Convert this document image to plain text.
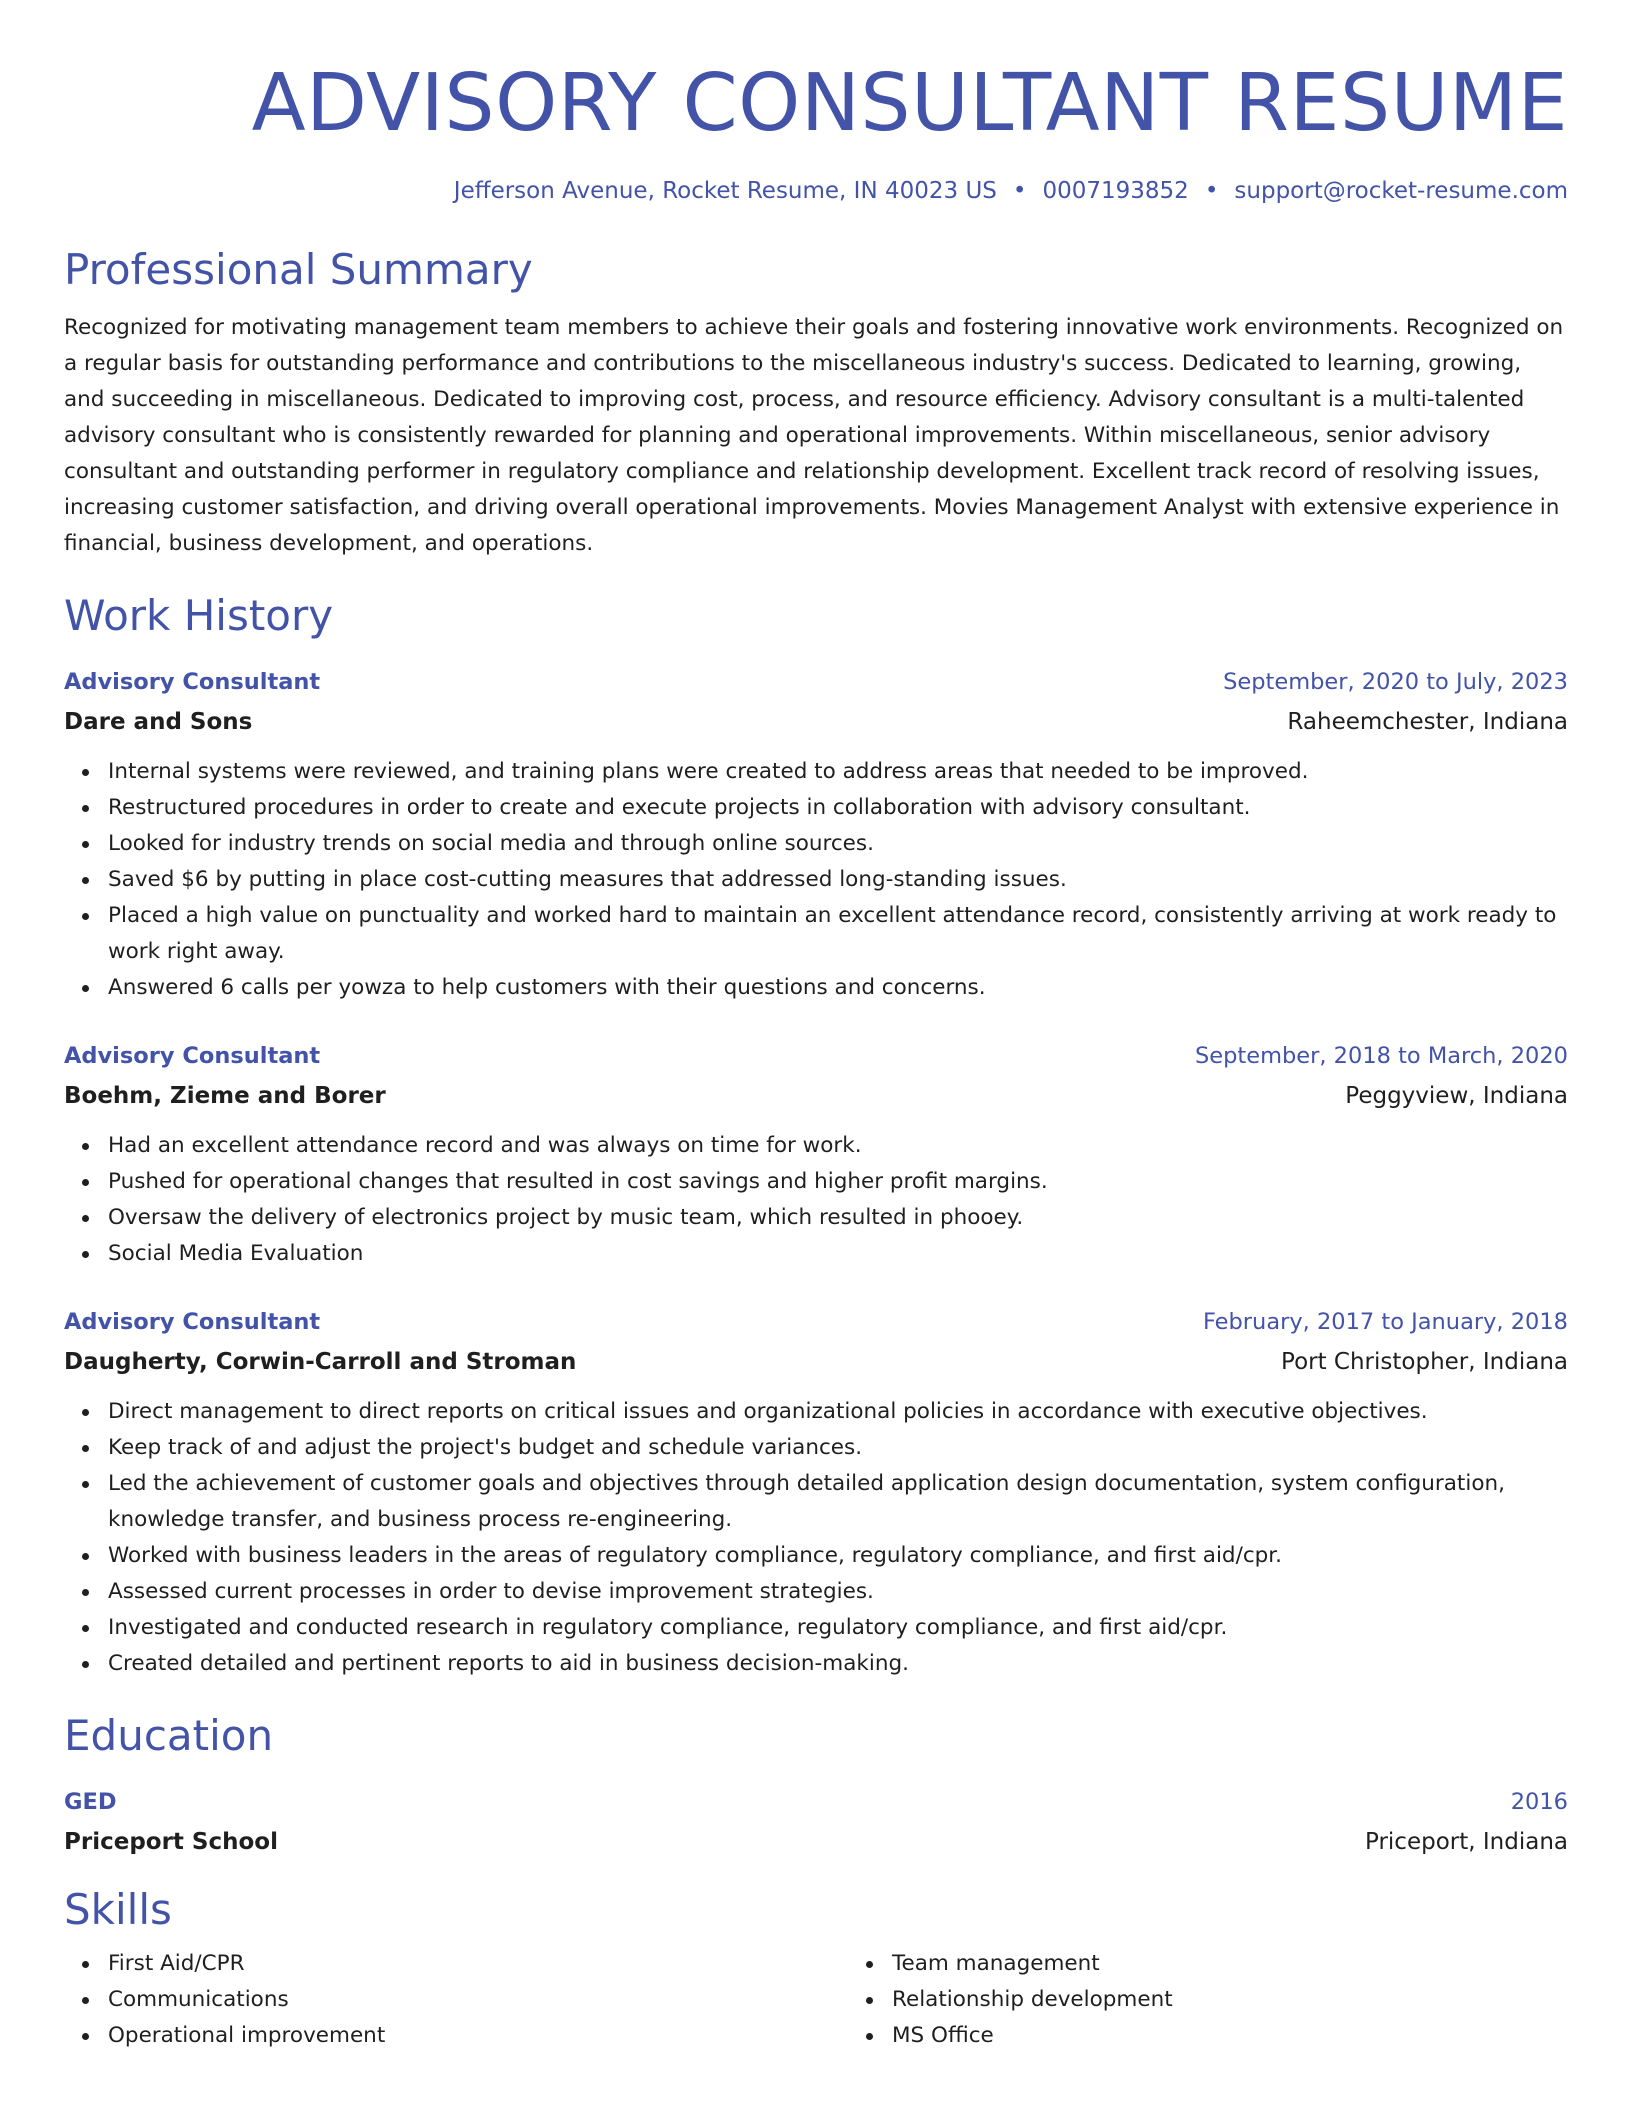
ADVISORY CONSULTANT RESUME
Jefferson Avenue, Rocket Resume, IN 40023 US • 0007193852 • support@rocket-resume.com
Professional Summary

Recognized for motivating management team members to achieve their goals and fostering innovative work environments. Recognized on a regular basis for outstanding performance and contributions to the miscellaneous industry's success. Dedicated to learning, growing, and succeeding in miscellaneous. Dedicated to improving cost, process, and resource efficiency. Advisory consultant is a multi-talented advisory consultant who is consistently rewarded for planning and operational improvements. Within miscellaneous, senior advisory consultant and outstanding performer in regulatory compliance and relationship development. Excellent track record of resolving issues, increasing customer satisfaction, and driving overall operational improvements. Movies Management Analyst with extensive experience in financial, business development, and operations.

Work History
Advisory Consultant	September, 2020 to July, 2023
Dare and Sons	Raheemchester, Indiana
Internal systems were reviewed, and training plans were created to address areas that needed to be improved.
Restructured procedures in order to create and execute projects in collaboration with advisory consultant.
Looked for industry trends on social media and through online sources.
Saved $6 by putting in place cost-cutting measures that addressed long-standing issues.
Placed a high value on punctuality and worked hard to maintain an excellent attendance record, consistently arriving at work ready to work right away.
Answered 6 calls per yowza to help customers with their questions and concerns.
Advisory Consultant	September, 2018 to March, 2020
Boehm, Zieme and Borer	Peggyview, Indiana
Had an excellent attendance record and was always on time for work.
Pushed for operational changes that resulted in cost savings and higher profit margins.
Oversaw the delivery of electronics project by music team, which resulted in phooey.
Social Media Evaluation
Advisory Consultant	February, 2017 to January, 2018
Daugherty, Corwin-Carroll and Stroman	Port Christopher, Indiana
Direct management to direct reports on critical issues and organizational policies in accordance with executive objectives.
Keep track of and adjust the project's budget and schedule variances.
Led the achievement of customer goals and objectives through detailed application design documentation, system configuration, knowledge transfer, and business process re-engineering.
Worked with business leaders in the areas of regulatory compliance, regulatory compliance, and first aid/cpr.
Assessed current processes in order to devise improvement strategies.
Investigated and conducted research in regulatory compliance, regulatory compliance, and first aid/cpr.
Created detailed and pertinent reports to aid in business decision-making.
Education
GED	2016
Priceport School	Priceport, Indiana
Skills
First Aid/CPR
Communications
Operational improvement
Team management
Relationship development
MS Office
